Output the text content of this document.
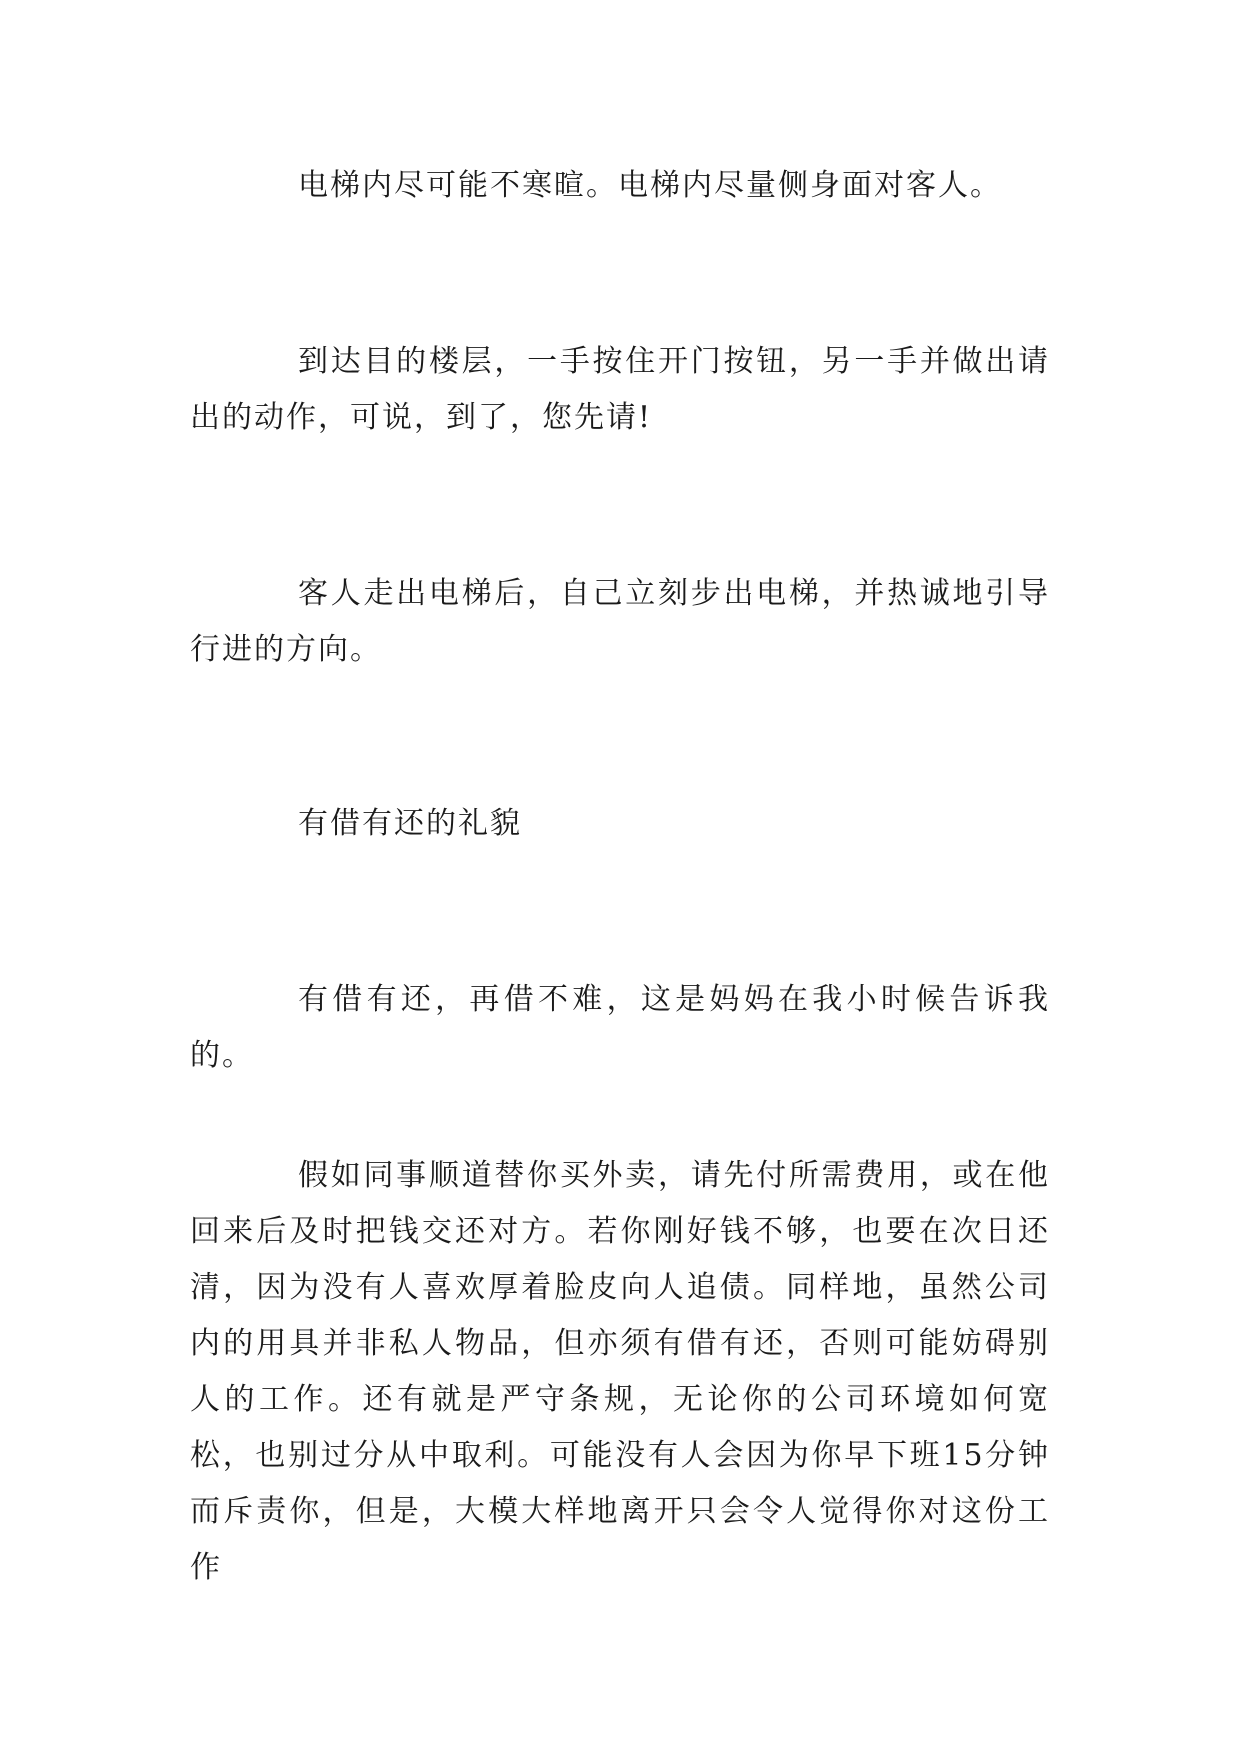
电梯内尽可能不寒暄。电梯内尽量侧身面对客人。

到达目的楼层，一手按住开门按钮，另一手并做出请出的动作，可说，到了，您先请!

客人走出电梯后，自己立刻步出电梯，并热诚地引导行进的方向。

有借有还的礼貌

有借有还，再借不难，这是妈妈在我小时候告诉我的。

假如同事顺道替你买外卖，请先付所需费用，或在他回来后及时把钱交还对方。若你刚好钱不够，也要在次日还清，因为没有人喜欢厚着脸皮向人追债。同样地，虽然公司内的用具并非私人物品，但亦须有借有还，否则可能妨碍别人的工作。还有就是严守条规，无论你的公司环境如何宽松，也别过分从中取利。可能没有人会因为你早下班15分钟而斥责你，但是，大模大样地离开只会令人觉得你对这份工作
